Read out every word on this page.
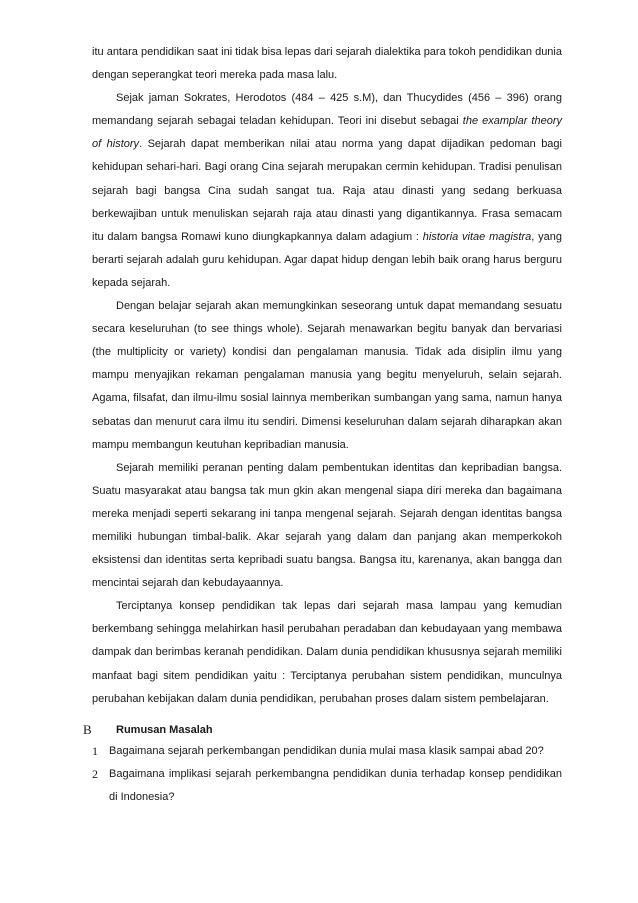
itu antara pendidikan saat ini tidak bisa lepas dari sejarah dialektika para tokoh pendidikan dunia dengan seperangkat teori mereka pada masa lalu.

Sejak jaman Sokrates, Herodotos (484 – 425 s.M), dan Thucydides (456 – 396) orang memandang sejarah sebagai teladan kehidupan. Teori ini disebut sebagai the examplar theory of history. Sejarah dapat memberikan nilai atau norma yang dapat dijadikan pedoman bagi kehidupan sehari-hari. Bagi orang Cina sejarah merupakan cermin kehidupan. Tradisi penulisan sejarah bagi bangsa Cina sudah sangat tua. Raja atau dinasti yang sedang berkuasa berkewajiban untuk menuliskan sejarah raja atau dinasti yang digantikannya. Frasa semacam itu dalam bangsa Romawi kuno diungkapkannya dalam adagium : historia vitae magistra, yang berarti sejarah adalah guru kehidupan. Agar dapat hidup dengan lebih baik orang harus berguru kepada sejarah.

Dengan belajar sejarah akan memungkinkan seseorang untuk dapat memandang sesuatu secara keseluruhan (to see things whole). Sejarah menawarkan begitu banyak dan bervariasi (the multiplicity or variety) kondisi dan pengalaman manusia. Tidak ada disiplin ilmu yang mampu menyajikan rekaman pengalaman manusia yang begitu menyeluruh, selain sejarah. Agama, filsafat, dan ilmu-ilmu sosial lainnya memberikan sumbangan yang sama, namun hanya sebatas dan menurut cara ilmu itu sendiri. Dimensi keseluruhan dalam sejarah diharapkan akan mampu membangun keutuhan kepribadian manusia.

Sejarah memiliki peranan penting dalam pembentukan identitas dan kepribadian bangsa. Suatu masyarakat atau bangsa tak mun gkin akan mengenal siapa diri mereka dan bagaimana mereka menjadi seperti sekarang ini tanpa mengenal sejarah. Sejarah dengan identitas bangsa memiliki hubungan timbal-balik. Akar sejarah yang dalam dan panjang akan memperkokoh eksistensi dan identitas serta kepribadi suatu bangsa. Bangsa itu, karenanya, akan bangga dan mencintai sejarah dan kebudayaannya.

Terciptanya konsep pendidikan tak lepas dari sejarah masa lampau yang kemudian berkembang sehingga melahirkan hasil perubahan peradaban dan kebudayaan yang membawa dampak dan berimbas keranah pendidikan. Dalam dunia pendidikan khususnya sejarah memiliki manfaat bagi sitem pendidikan yaitu : Terciptanya perubahan sistem pendidikan, munculnya perubahan kebijakan dalam dunia pendidikan, perubahan proses dalam sistem pembelajaran.

B Rumusan Masalah
1	Bagaimana sejarah perkembangan pendidikan dunia mulai masa klasik sampai abad 20?
2	Bagaimana implikasi sejarah perkembangna pendidikan dunia terhadap konsep pendidikan di Indonesia?
